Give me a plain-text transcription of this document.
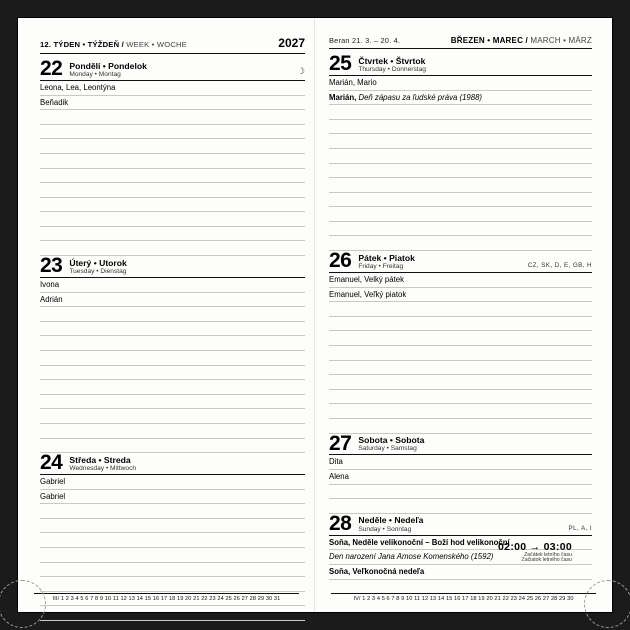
12. TÝDEN • TÝŽDEŇ / WEEK • WOCHE	2027
22 Pondělí • Pondelok
Monday • Montag	☽
Leona, Lea, Leontýna
Beňadik
23 Úterý • Utorok
Tuesday • Dienstag
Ivona
Adrián
24 Středa • Streda
Wednesday • Mittwoch
Gabriel
Gabriel
III/ 1 2 3 4 5 6 7 8 9 10 11 12 13 14 15 16 17 18 19 20 21 22 23 24 25 26 27 28 29 30 31
Beran 21. 3. – 20. 4.	BŘEZEN • MAREC / MARCH • MÄRZ
25 Čtvrtek • Štvrtok
Thursday • Donnerstag
Marián, Mario
Marián, Deň zápasu za ľudské práva (1988)
26 Pátek • Piatok
Friday • Freitag	CZ, SK, D, E, GB, H
Emanuel, Velký pátek
Emanuel, Veľký piatok
27 Sobota • Sobota
Saturday • Samstag
Dita
Alena
28 Neděle • Nedeľa
Sunday • Sonntag	PL, A, I
Soňa, Neděle velikonoční – Boží hod velikonoční
Den narození Jana Amose Komenského (1592)
Soňa, Veľkonočná nedeľa
02:00 → 03:00
Začátek letního času
Začiatok letného času
IV/ 1 2 3 4 5 6 7 8 9 10 11 12 13 14 15 16 17 18 19 20 21 22 23 24 25 26 27 28 29 30
